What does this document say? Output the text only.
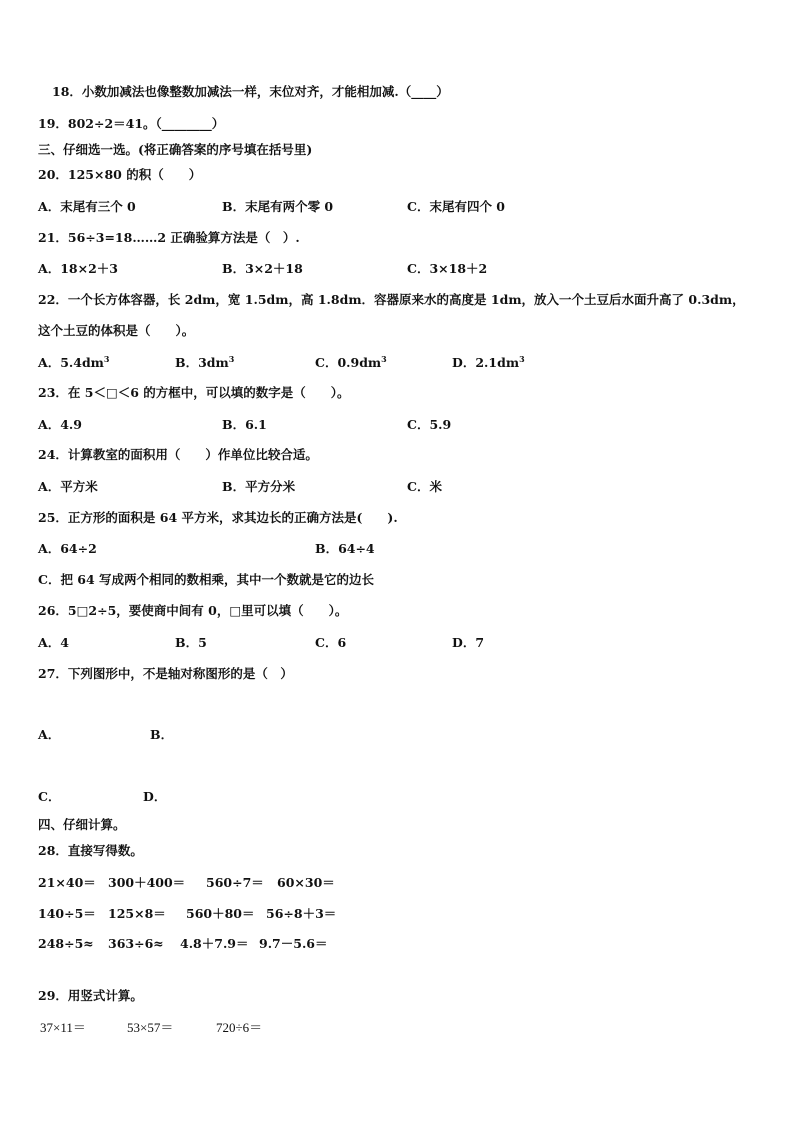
18．小数加减法也像整数加减法一样，末位对齐，才能相加减.（____）
19．802÷2＝41。（________）
三、仔细选一选。(将正确答案的序号填在括号里)
20．125×80 的积（　　）
A．末尾有三个 0	B．末尾有两个零 0	C．末尾有四个 0
21．56÷3=18……2 正确验算方法是（　）.
A．18×2＋3	B．3×2＋18	C．3×18＋2
22．一个长方体容器，长 2dm，宽 1.5dm，高 1.8dm．容器原来水的高度是 1dm，放入一个土豆后水面升高了 0.3dm，
这个土豆的体积是（　　）。
A．$5.4dm^3$	B．$3dm^3$	C．$0.9dm^3$	D．$2.1dm^3$
23．在 5＜□＜6 的方框中，可以填的数字是（　　）。
A．4.9	B．6.1	C．5.9
24．计算教室的面积用（　　）作单位比较合适。
A．平方米	B．平方分米	C．米
25．正方形的面积是 64 平方米，求其边长的正确方法是(　　).
A．64÷2	B．64÷4
C．把 64 写成两个相同的数相乘，其中一个数就是它的边长
26．5□2÷5，要使商中间有 0，□里可以填（　　）。
A．4	B．5	C．6	D．7
27．下列图形中，不是轴对称图形的是（　）
A．	B．
C．	D．
四、仔细计算。
28．直接写得数。
21×40＝ 300＋400＝ 560÷7＝ 60×30＝
140÷5＝ 125×8＝ 560＋80＝ 56÷8＋3＝
248÷5≈ 363÷6≈ 4.8＋7.9＝ 9.7－5.6＝
29．用竖式计算。
37×11＝	53×57＝	720÷6＝
